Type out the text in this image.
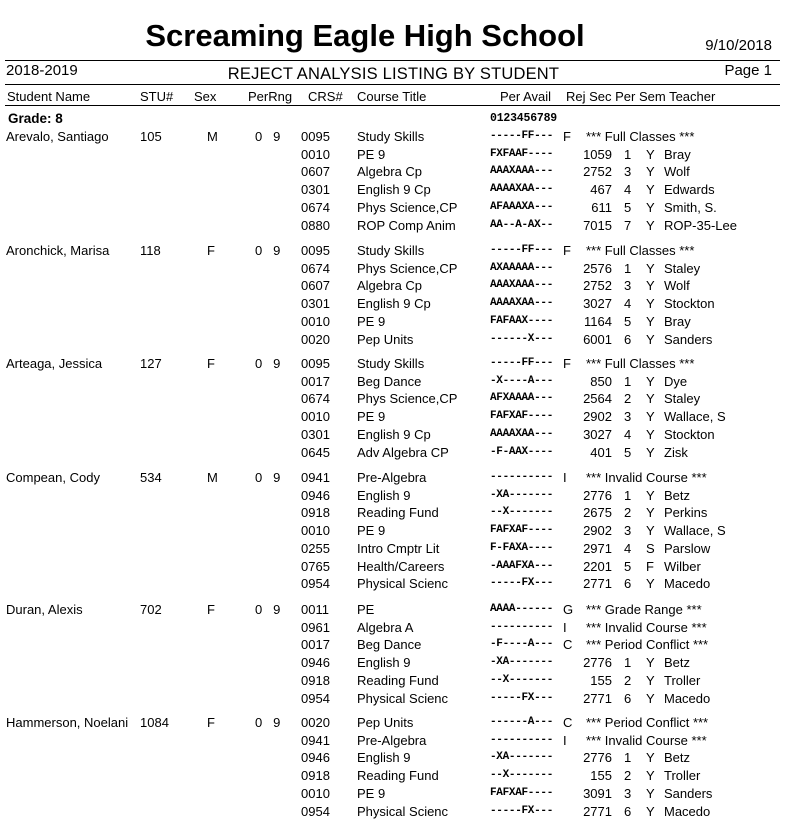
Screaming Eagle High School	9/10/2018
2018-2019	REJECT ANALYSIS LISTING BY STUDENT	Page 1
Student Name	STU# Sex PerRng CRS# Course Title	Per Avail Rej Sec Per Sem Teacher
Grade: 8	0123456789
Arevalo, Santiago 105	M	0   9 0095 Study Skills	-----FF--- F *** Full Classes ***
0010 PE 9	FXFAAF----	1059 1 Y Bray
0607 Algebra Cp	AAAXAAA---	2752 3 Y Wolf
0301 English 9 Cp	AAAAXAA---	467 4 Y Edwards
0674 Phys Science,CP	AFAAAXA---	611 5 Y Smith, S.
0880 ROP Comp Anim	AA--A-AX--	7015 7 Y ROP-35-Lee
Aronchick, Marisa 118	F	0   9 0095 Study Skills	-----FF--- F *** Full Classes ***
0674 Phys Science,CP	AXAAAAA---	2576 1 Y Staley
0607 Algebra Cp	AAAXAAA---	2752 3 Y Wolf
0301 English 9 Cp	AAAAXAA---	3027 4 Y Stockton
0010 PE 9	FAFAAX----	1164 5 Y Bray
0020 Pep Units	------X---	6001 6 Y Sanders
Arteaga, Jessica	127	F	0   9 0095 Study Skills	-----FF--- F *** Full Classes ***
0017 Beg Dance	-X----A---	850 1 Y Dye
0674 Phys Science,CP	AFXAAAA---	2564 2 Y Staley
0010 PE 9	FAFXAF----	2902 3 Y Wallace, S
0301 English 9 Cp	AAAAXAA---	3027 4 Y Stockton
0645 Adv Algebra CP	-F-AAX----	401 5 Y Zisk
Compean, Cody	534	M	0   9 0941 Pre-Algebra	---------- I *** Invalid Course ***
0946 English 9	-XA-------	2776 1 Y Betz
0918 Reading Fund	--X-------	2675 2 Y Perkins
0010 PE 9	FAFXAF----	2902 3 Y Wallace, S
0255 Intro Cmptr Lit	F-FAXA----	2971 4 S Parslow
0765 Health/Careers	-AAAFXA---	2201 5 F Wilber
0954 Physical Scienc	-----FX---	2771 6 Y Macedo
Duran, Alexis	702	F	0   9 0011 PE	AAAA------ G *** Grade Range ***
0961 Algebra A	---------- I *** Invalid Course ***
0017 Beg Dance	-F----A--- C *** Period Conflict ***
0946 English 9	-XA-------	2776 1 Y Betz
0918 Reading Fund	--X-------	155 2 Y Troller
0954 Physical Scienc	-----FX---	2771 6 Y Macedo
Hammerson, Noelani 1084	F	0   9 0020 Pep Units	------A--- C *** Period Conflict ***
0941 Pre-Algebra	---------- I *** Invalid Course ***
0946 English 9	-XA-------	2776 1 Y Betz
0918 Reading Fund	--X-------	155 2 Y Troller
0010 PE 9	FAFXAF----	3091 3 Y Sanders
0954 Physical Scienc	-----FX---	2771 6 Y Macedo
